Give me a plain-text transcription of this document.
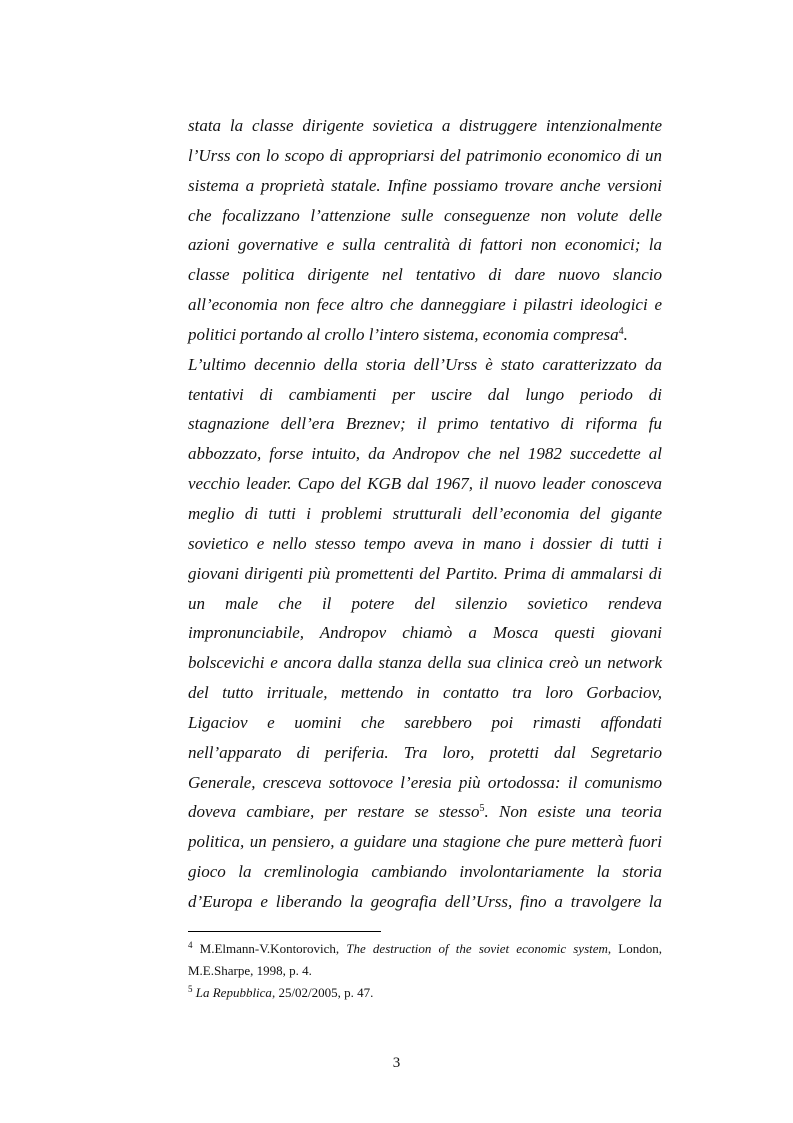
stata la classe dirigente sovietica a distruggere intenzionalmente
l’Urss con lo scopo di appropriarsi del patrimonio economico di un
sistema a proprietà statale. Infine possiamo trovare anche versioni
che focalizzano l’attenzione sulle conseguenze non volute delle
azioni governative e sulla centralità di fattori non economici; la
classe politica dirigente nel tentativo di dare nuovo slancio
all’economia non fece altro che danneggiare i pilastri ideologici e
politici portando al crollo l’intero sistema, economia compresa$^4$.
L’ultimo decennio della storia dell’Urss è stato caratterizzato da
tentativi di cambiamenti per uscire dal lungo periodo di
stagnazione dell’era Breznev; il primo tentativo di riforma fu
abbozzato, forse intuito, da Andropov che nel 1982 succedette al
vecchio leader. Capo del KGB dal 1967, il nuovo leader conosceva
meglio di tutti i problemi strutturali dell’economia del gigante
sovietico e nello stesso tempo aveva in mano i dossier di tutti i
giovani dirigenti più promettenti del Partito. Prima di ammalarsi di
un male che il potere del silenzio sovietico rendeva
impronunciabile, Andropov chiamò a Mosca questi giovani
bolscevichi e ancora dalla stanza della sua clinica creò un network
del tutto irrituale, mettendo in contatto tra loro Gorbaciov,
Ligaciov e uomini che sarebbero poi rimasti affondati
nell’apparato di periferia. Tra loro, protetti dal Segretario
Generale, cresceva sottovoce l’eresia più ortodossa: il comunismo
doveva cambiare, per restare se stesso$^5$. Non esiste una teoria
politica, un pensiero, a guidare una stagione che pure metterà fuori
gioco la cremlinologia cambiando involontariamente la storia
d’Europa e liberando la geografia dell’Urss, fino a travolgere la
$^4$ M.Elmann-V.Kontorovich, The destruction of the soviet economic system, London,
M.E.Sharpe, 1998, p. 4.
$^5$ La Repubblica, 25/02/2005, p. 47.
3
